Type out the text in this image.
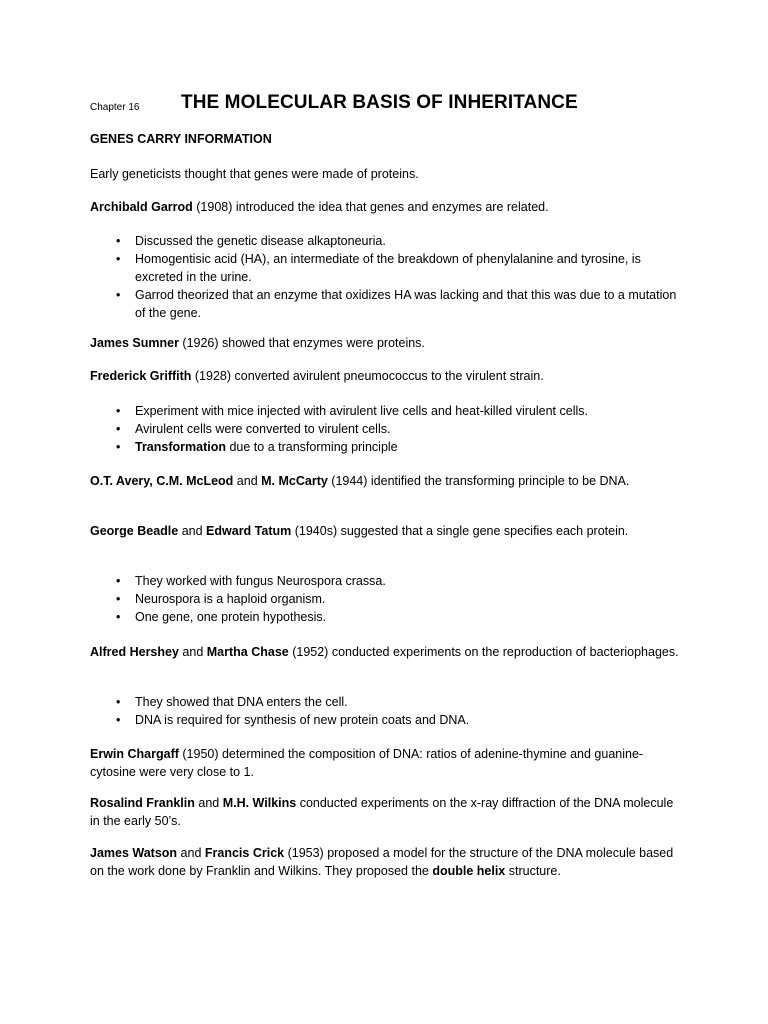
Chapter 16 THE MOLECULAR BASIS OF INHERITANCE
GENES CARRY INFORMATION
Early geneticists thought that genes were made of proteins.
Archibald Garrod (1908) introduced the idea that genes and enzymes are related.
• Discussed the genetic disease alkaptoneuria.
• Homogentisic acid (HA), an intermediate of the breakdown of phenylalanine and tyrosine, is excreted in the urine.
• Garrod theorized that an enzyme that oxidizes HA was lacking and that this was due to a mutation of the gene.
James Sumner (1926) showed that enzymes were proteins.
Frederick Griffith (1928) converted avirulent pneumococcus to the virulent strain.
• Experiment with mice injected with avirulent live cells and heat-killed virulent cells.
• Avirulent cells were converted to virulent cells.
• Transformation due to a transforming principle
O.T. Avery, C.M. McLeod and M. McCarty (1944) identified the transforming principle to be DNA.
George Beadle and Edward Tatum (1940s) suggested that a single gene specifies each protein.
• They worked with fungus Neurospora crassa.
• Neurospora is a haploid organism.
• One gene, one protein hypothesis.
Alfred Hershey and Martha Chase (1952) conducted experiments on the reproduction of bacteriophages.
• They showed that DNA enters the cell.
• DNA is required for synthesis of new protein coats and DNA.
Erwin Chargaff (1950) determined the composition of DNA: ratios of adenine-thymine and guanine-cytosine were very close to 1.
Rosalind Franklin and M.H. Wilkins conducted experiments on the x-ray diffraction of the DNA molecule in the early 50’s.
James Watson and Francis Crick (1953) proposed a model for the structure of the DNA molecule based on the work done by Franklin and Wilkins. They proposed the double helix structure.
